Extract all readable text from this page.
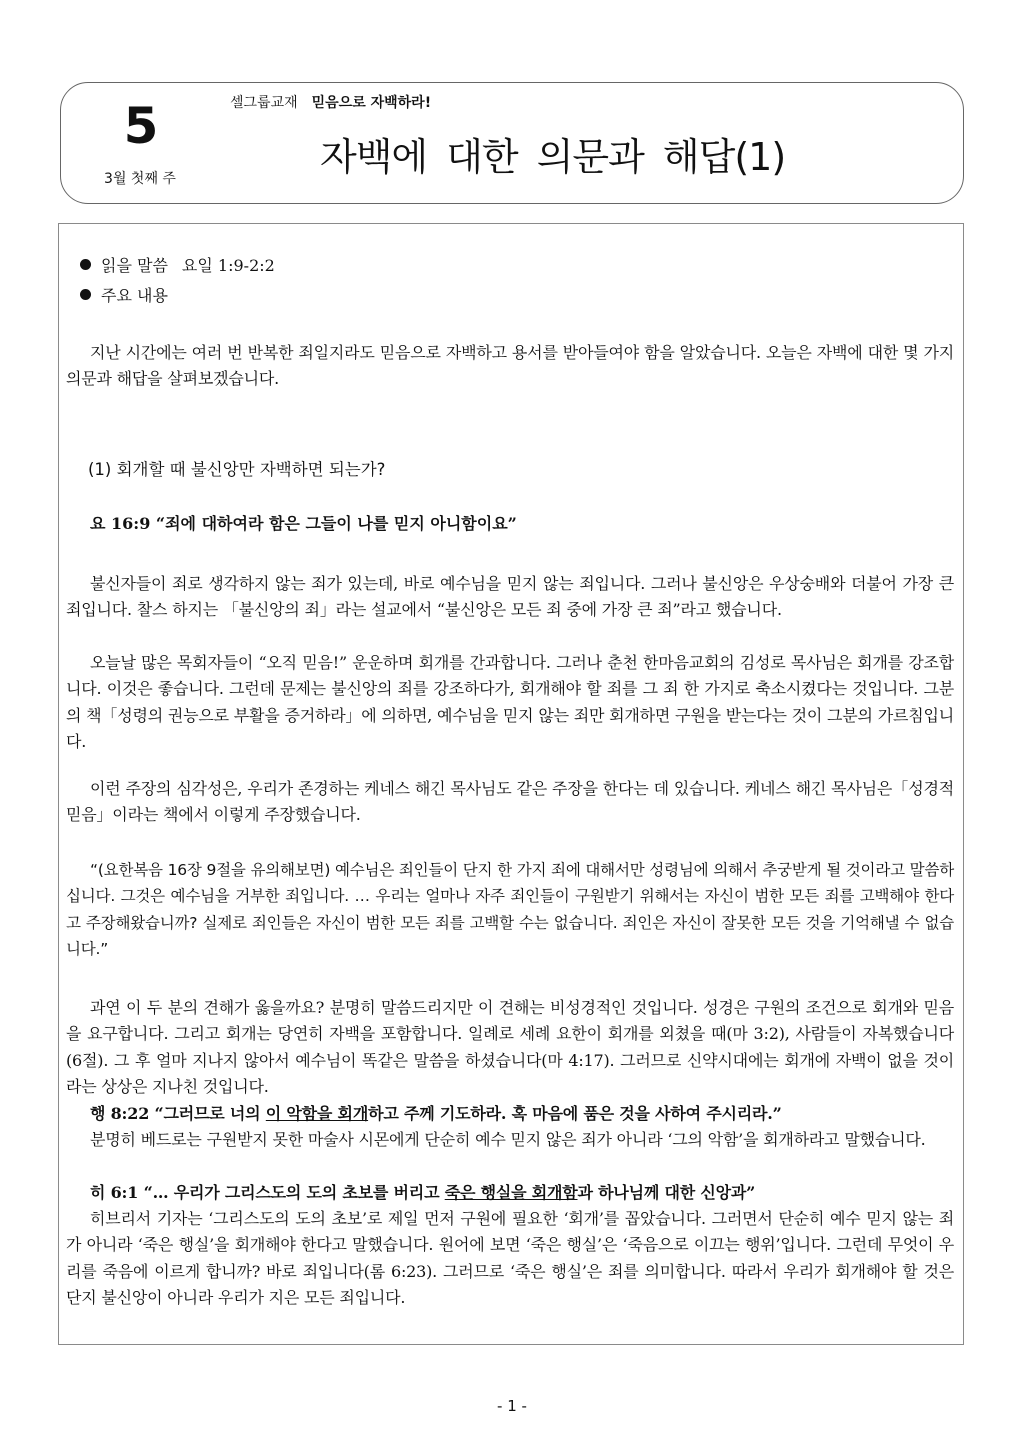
5
3월 첫째 주
셀그룹교재 믿음으로 자백하라!
자백에 대한 의문과 해답(1)
읽을 말씀 요일 1:9-2:2
주요 내용

지난 시간에는 여러 번 반복한 죄일지라도 믿음으로 자백하고 용서를 받아들여야 함을 알았습니다. 오늘은 자백에 대한 몇 가지 의문과 해답을 살펴보겠습니다.

(1) 회개할 때 불신앙만 자백하면 되는가?
요 16:9 “죄에 대하여라 함은 그들이 나를 믿지 아니함이요”

불신자들이 죄로 생각하지 않는 죄가 있는데, 바로 예수님을 믿지 않는 죄입니다. 그러나 불신앙은 우상숭배와 더불어 가장 큰 죄입니다. 찰스 하지는 「불신앙의 죄」라는 설교에서 “불신앙은 모든 죄 중에 가장 큰 죄”라고 했습니다.

오늘날 많은 목회자들이 “오직 믿음!” 운운하며 회개를 간과합니다. 그러나 춘천 한마음교회의 김성로 목사님은 회개를 강조합니다. 이것은 좋습니다. 그런데 문제는 불신앙의 죄를 강조하다가, 회개해야 할 죄를 그 죄 한 가지로 축소시켰다는 것입니다. 그분의 책「성령의 권능으로 부활을 증거하라」에 의하면, 예수님을 믿지 않는 죄만 회개하면 구원을 받는다는 것이 그분의 가르침입니다.

이런 주장의 심각성은, 우리가 존경하는 케네스 해긴 목사님도 같은 주장을 한다는 데 있습니다. 케네스 해긴 목사님은「성경적 믿음」이라는 책에서 이렇게 주장했습니다.

“(요한복음 16장 9절을 유의해보면) 예수님은 죄인들이 단지 한 가지 죄에 대해서만 성령님에 의해서 추궁받게 될 것이라고 말씀하십니다. 그것은 예수님을 거부한 죄입니다. … 우리는 얼마나 자주 죄인들이 구원받기 위해서는 자신이 범한 모든 죄를 고백해야 한다고 주장해왔습니까? 실제로 죄인들은 자신이 범한 모든 죄를 고백할 수는 없습니다. 죄인은 자신이 잘못한 모든 것을 기억해낼 수 없습니다.”

과연 이 두 분의 견해가 옳을까요? 분명히 말씀드리지만 이 견해는 비성경적인 것입니다. 성경은 구원의 조건으로 회개와 믿음을 요구합니다. 그리고 회개는 당연히 자백을 포함합니다. 일례로 세례 요한이 회개를 외쳤을 때(마 3:2), 사람들이 자복했습니다(6절). 그 후 얼마 지나지 않아서 예수님이 똑같은 말씀을 하셨습니다(마 4:17). 그러므로 신약시대에는 회개에 자백이 없을 것이라는 상상은 지나친 것입니다.

행 8:22 “그러므로 너의 이 악함을 회개하고 주께 기도하라. 혹 마음에 품은 것을 사하여 주시리라.”

분명히 베드로는 구원받지 못한 마술사 시몬에게 단순히 예수 믿지 않은 죄가 아니라 ‘그의 악함’을 회개하라고 말했습니다.

히 6:1 “… 우리가 그리스도의 도의 초보를 버리고 죽은 행실을 회개함과 하나님께 대한 신앙과”

히브리서 기자는 ‘그리스도의 도의 초보’로 제일 먼저 구원에 필요한 ‘회개’를 꼽았습니다. 그러면서 단순히 예수 믿지 않는 죄가 아니라 ‘죽은 행실’을 회개해야 한다고 말했습니다. 원어에 보면 ‘죽은 행실’은 ‘죽음으로 이끄는 행위’입니다. 그런데 무엇이 우리를 죽음에 이르게 합니까? 바로 죄입니다(롬 6:23). 그러므로 ‘죽은 행실’은 죄를 의미합니다. 따라서 우리가 회개해야 할 것은 단지 불신앙이 아니라 우리가 지은 모든 죄입니다.

- 1 -
